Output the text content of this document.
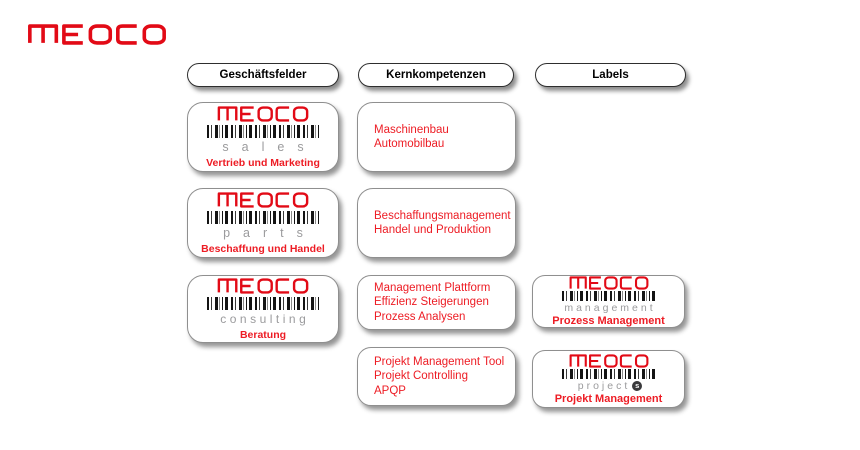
Geschäftsfelder	Kernkompetenzen	Labels
sales
Vertrieb und Marketing
parts
Beschaffung und Handel
consulting
Beratung
Maschinenbau
Automobilbau
Beschaffungsmanagement
Handel und Produktion
Management Plattform
Effizienz Steigerungen
Prozess Analysen
Projekt Management Tool
Projekt Controlling
APQP
management
Prozess Management
project s
Projekt Management
